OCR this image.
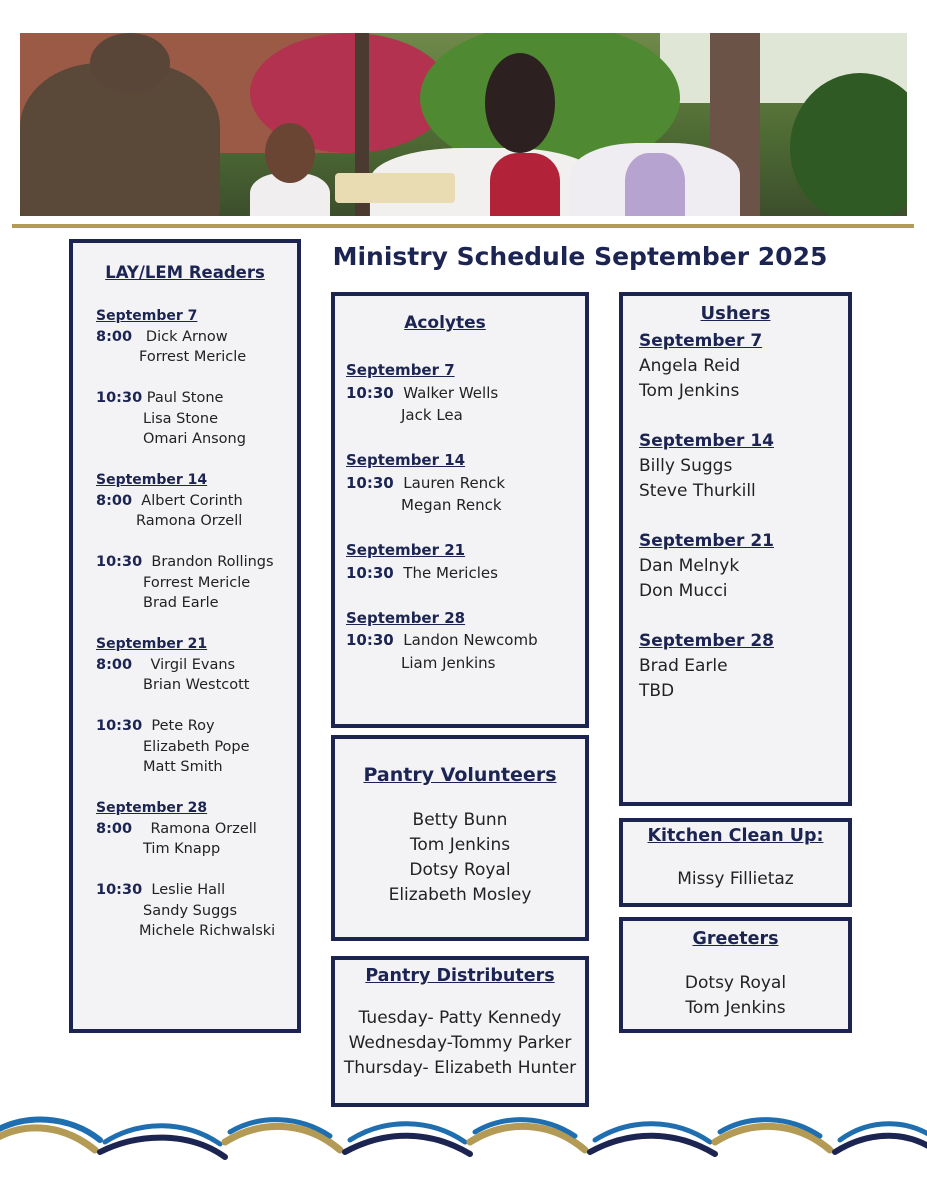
Ministry Schedule September 2025
LAY/LEM Readers
September 7
8:00 Dick Arnow
Forrest Mericle
10:30 Paul Stone
Lisa Stone
Omari Ansong
September 14
8:00 Albert Corinth
Ramona Orzell
10:30 Brandon Rollings
Forrest Mericle
Brad Earle
September 21
8:00 Virgil Evans
Brian Westcott
10:30 Pete Roy
Elizabeth Pope
Matt Smith
September 28
8:00 Ramona Orzell
Tim Knapp
10:30 Leslie Hall
Sandy Suggs
Michele Richwalski
Acolytes
September 7
10:30 Walker Wells
Jack Lea
September 14
10:30 Lauren Renck
Megan Renck
September 21
10:30 The Mericles
September 28
10:30 Landon Newcomb
Liam Jenkins
Ushers
September 7
Angela Reid
Tom Jenkins
September 14
Billy Suggs
Steve Thurkill
September 21
Dan Melnyk
Don Mucci
September 28
Brad Earle
TBD
Pantry Volunteers
Betty Bunn
Tom Jenkins
Dotsy Royal
Elizabeth Mosley
Pantry Distributers
Tuesday- Patty Kennedy
Wednesday-Tommy Parker
Thursday- Elizabeth Hunter
Kitchen Clean Up:
Missy Fillietaz
Greeters
Dotsy Royal
Tom Jenkins
